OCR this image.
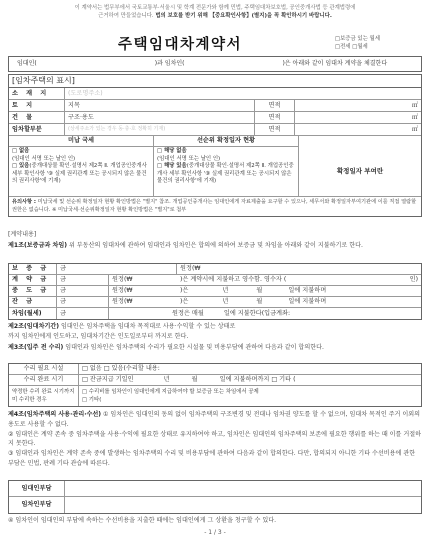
이 계약서는 법무부에서 국토교통부·서울시 및 학계 전문가와 함께 민법, 주택임대차보호법, 공인중개사법 등 관계법령에
근거하여 만들었습니다. 법의 보호를 받기 위해 【중요확인사항】(별지)을 꼭 확인하시기 바랍니다.
주택임대차계약서	□보증금 있는 월세
□전세 □월세
임대인(	)과 임차인(	)은 아래와 같이 임대차 계약을 체결한다
[임차주택의 표시]
소 재 지	(도로명주소)
토 지	지목	면적	㎡
건 물	구조·용도	면적	㎡
임차할부분	(상세주소가 있는 경우 동·층·호 정확히 기재)	면적	㎡
미납 국세	선순위 확정일자 현황
□ 없음
(임대인 서명 또는 날인 인)
□ 있음(중개대상물 확인·설명서 제2쪽 Ⅱ. 개업공인중개사 세부 확인사항 '⑨ 실제 권리관계 또는 공시되지 않은 물건의 권리사항'에 기재)
□ 해당 없음
(임대인 서명 또는 날인 인)
□ 해당 있음(중개대상물 확인·설명서 제2쪽 Ⅱ. 개업공인중개사 세부 확인사항 '⑨ 실제 권리관계 또는 공시되지 않은 물건의 권리사항'에 기재)
확정일자 부여란
유의사항 : 미납국세 및 선순위 확정일자 현황 확인방법은 "별지" 참조. 개업공인중개사는 임대인에게 자료제출을 요구할 수 있으나, 세무서와 확정일자부여기관에 이를 직접 열람할 권한은 없습니다. ※ 미납국세·선순위확정일자 현황 확인방법은 "별지"로 첨부
[계약내용]
제1조(보증금과 차임) 위 부동산의 임대차에 관하여 임대인과 임차인은 합의에 의하여 보증금 및 차임을 아래와 같이 지불하기로 한다.
보 증 금	금	원정(₩
계 약 금	금	원정(₩	)은 계약시에 지불하고 영수함. 영수자 (	인)
중 도 금	금	원정(₩	)은	년	월	일에 지불하며
잔 금	금	원정(₩	)은	년	월	일에 지불하며
차임(월세)	금	원정은 매월	일에 지불한다(입금계좌:
제2조(임대차기간) 임대인은 임차주택을 임대차 목적대로 사용·수익할 수 있는 상태로
까지 임차인에게 인도하고, 임대차기간은 인도일로부터 까지로 한다.
제3조(입주 전 수리) 임대인과 임차인은 임차주택의 수리가 필요한 시설물 및 비용부담에 관하여 다음과 같이 합의한다.
수리 필요 시설	□ 없음 □ 있음(수리할 내용:
수리 완료 시기	□ 잔금지급 기일인	년	월	일에 지불하며 까지 □ 기타 (
약정한 수리 완료 시기까지 미 수리한 경우
□ 수리비를 임차인이 임대인에게 지급하여야 할 보증금 또는 차임에서 공제
□ 기타(
제4조(임차주택의 사용·관리·수선) ① 임차인은 임대인의 동의 없이 임차주택의 구조변경 및 전대나 임차권 양도를 할 수 없으며, 임대차 목적인 주거 이외의 용도로 사용할 수 없다.
② 임대인은 계약 존속 중 임차주택을 사용·수익에 필요한 상태로 유지하여야 하고, 임차인은 임대인의 임차주택의 보존에 필요한 행위를 하는 때 이를 거절하지 못한다.
③ 임대인과 임차인은 계약 존속 중에 발생하는 임차주택의 수리 및 비용부담에 관하여 다음과 같이 합의한다. 다만, 합의되지 아니한 기타 수선비용에 관한 부담은 민법, 판례 기타 관습에 따른다.
임대인부담
임차인부담
④ 임차인이 임대인의 부담에 속하는 수선비용을 지출한 때에는 임대인에게 그 상환을 청구할 수 있다.
- 1 / 3 -
